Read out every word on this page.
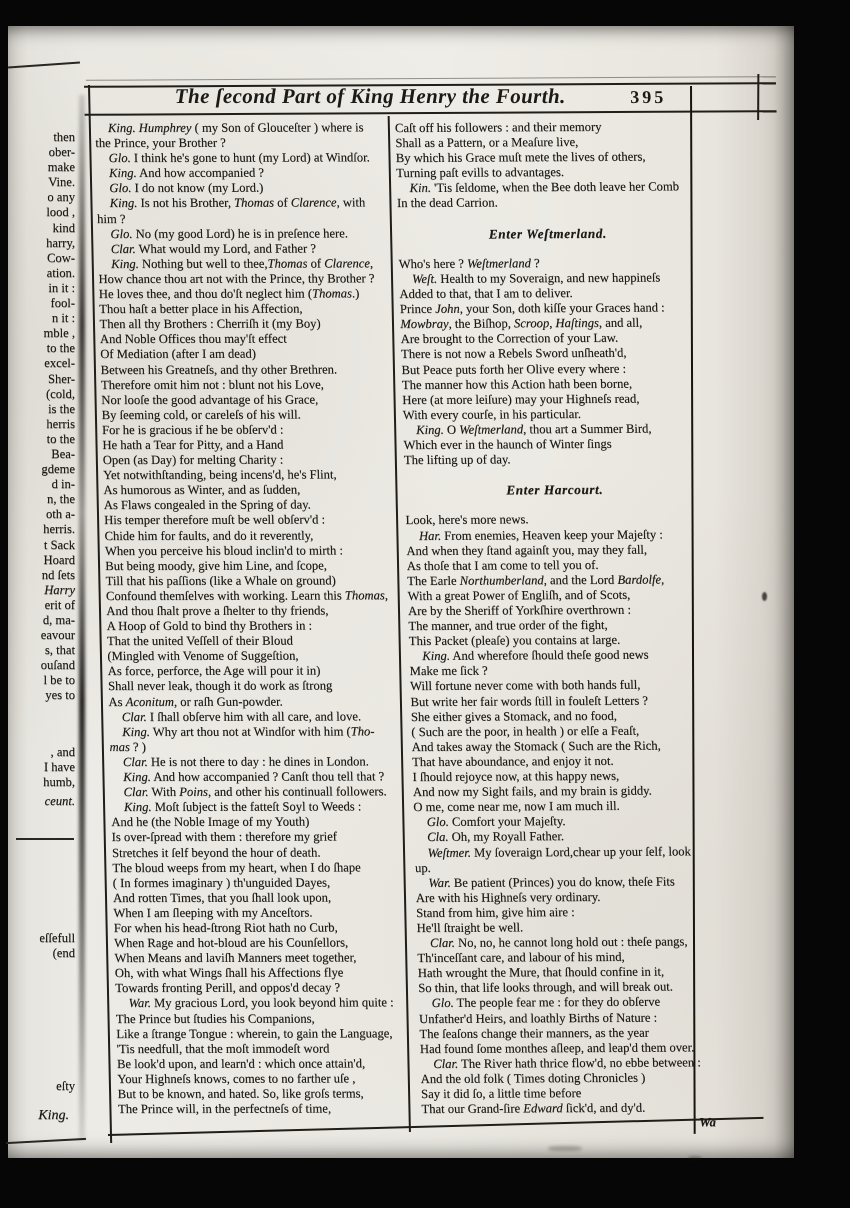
then
ober-
make
Vine.
o any
lood ,
kind
harry,
Cow-
ation.
in it :
fool-
n it :
mble ,
to the
excel-
Sher-
(cold,
is the
herris
to the
Bea-
gdeme
d in-
n, the
oth a-
herris.
t Sack
Hoard
nd ſets
Harry
erit of
d, ma-
eavour
s, that
ouſand
l be to
yes to
, and
I have
humb,
ceunt.
eſſefull
(end
eſty
King.
The ſecond Part of King Henry the Fourth.	395
King. Humphrey ( my Son of Glouceſter ) where is
the Prince, your Brother ?
Glo. I think he's gone to hunt (my Lord) at Windſor.
King. And how accompanied ?
Glo. I do not know (my Lord.)
King. Is not his Brother, Thomas of Clarence, with
him ?
Glo. No (my good Lord) he is in preſence here.
Clar. What would my Lord, and Father ?
King. Nothing but well to thee,Thomas of Clarence,
How chance thou art not with the Prince, thy Brother ?
He loves thee, and thou do'ſt neglect him (Thomas.)
Thou haſt a better place in his Affection,
Then all thy Brothers : Cherriſh it (my Boy)
And Noble Offices thou may'ſt effect
Of Mediation (after I am dead)
Between his Greatneſs, and thy other Brethren.
Therefore omit him not : blunt not his Love,
Nor looſe the good advantage of his Grace,
By ſeeming cold, or careleſs of his will.
For he is gracious if he be obſerv'd :
He hath a Tear for Pitty, and a Hand
Open (as Day) for melting Charity :
Yet notwithſtanding, being incens'd, he's Flint,
As humorous as Winter, and as ſudden,
As Flaws congealed in the Spring of day.
His temper therefore muſt be well obſerv'd :
Chide him for faults, and do it reverently,
When you perceive his bloud inclin'd to mirth :
But being moody, give him Line, and ſcope,
Till that his paſſions (like a Whale on ground)
Confound themſelves with working. Learn this Thomas,
And thou ſhalt prove a ſhelter to thy friends,
A Hoop of Gold to bind thy Brothers in :
That the united Veſſell of their Bloud
(Mingled with Venome of Suggeſtion,
As force, perforce, the Age will pour it in)
Shall never leak, though it do work as ſtrong
As Aconitum, or raſh Gun-powder.
Clar. I ſhall obſerve him with all care, and love.
King. Why art thou not at Windſor with him (Tho-
mas ? )
Clar. He is not there to day : he dines in London.
King. And how accompanied ? Canſt thou tell that ?
Clar. With Poins, and other his continuall followers.
King. Moſt ſubject is the fatteſt Soyl to Weeds :
And he (the Noble Image of my Youth)
Is over-ſpread with them : therefore my grief
Stretches it ſelf beyond the hour of death.
The bloud weeps from my heart, when I do ſhape
( In formes imaginary ) th'unguided Dayes,
And rotten Times, that you ſhall look upon,
When I am ſleeping with my Anceſtors.
For when his head-ſtrong Riot hath no Curb,
When Rage and hot-bloud are his Counſellors,
When Means and laviſh Manners meet together,
Oh, with what Wings ſhall his Affections flye
Towards fronting Perill, and oppos'd decay ?
War. My gracious Lord, you look beyond him quite :
The Prince but ſtudies his Companions,
Like a ſtrange Tongue : wherein, to gain the Language,
'Tis needfull, that the moſt immodeſt word
Be look'd upon, and learn'd : which once attain'd,
Your Highneſs knows, comes to no farther uſe ,
But to be known, and hated. So, like groſs terms,
The Prince will, in the perfectneſs of time,
Caſt off his followers : and their memory
Shall as a Pattern, or a Meaſure live,
By which his Grace muſt mete the lives of others,
Turning paſt evills to advantages.
Kin. 'Tis ſeldome, when the Bee doth leave her Comb
In the dead Carrion.

Enter Weſtmerland.

Who's here ? Weſtmerland ?
Weſt. Health to my Soveraign, and new happineſs
Added to that, that I am to deliver.
Prince John, your Son, doth kiſſe your Graces hand :
Mowbray, the Biſhop, Scroop, Haſtings, and all,
Are brought to the Correction of your Law.
There is not now a Rebels Sword unſheath'd,
But Peace puts forth her Olive every where :
The manner how this Action hath been borne,
Here (at more leiſure) may your Highneſs read,
With every courſe, in his particular.
King. O Weſtmerland, thou art a Summer Bird,
Which ever in the haunch of Winter ſings
The lifting up of day.

Enter Harcourt.

Look, here's more news.
Har. From enemies, Heaven keep your Majeſty :
And when they ſtand againſt you, may they fall,
As thoſe that I am come to tell you of.
The Earle Northumberland, and the Lord Bardolfe,
With a great Power of Engliſh, and of Scots,
Are by the Sheriff of Yorkſhire overthrown :
The manner, and true order of the fight,
This Packet (pleaſe) you contains at large.
King. And wherefore ſhould theſe good news
Make me ſick ?
Will fortune never come with both hands full,
But write her fair words ſtill in fouleſt Letters ?
She either gives a Stomack, and no food,
( Such are the poor, in health ) or elſe a Feaſt,
And takes away the Stomack ( Such are the Rich,
That have aboundance, and enjoy it not.
I ſhould rejoyce now, at this happy news,
And now my Sight fails, and my brain is giddy.
O me, come near me, now I am much ill.
Glo. Comfort your Majeſty.
Cla. Oh, my Royall Father.
Weſtmer. My ſoveraign Lord,chear up your ſelf, look
up.
War. Be patient (Princes) you do know, theſe Fits
Are with his Highneſs very ordinary.
Stand from him, give him aire :
He'll ſtraight be well.
Clar. No, no, he cannot long hold out : theſe pangs,
Th'inceſſant care, and labour of his mind,
Hath wrought the Mure, that ſhould confine in it,
So thin, that life looks through, and will break out.
Glo. The people fear me : for they do obſerve
Unfather'd Heirs, and loathly Births of Nature :
The ſeaſons change their manners, as the year
Had found ſome monthes aſleep, and leap'd them over.
Clar. The River hath thrice flow'd, no ebbe between :
And the old folk ( Times doting Chronicles )
Say it did ſo, a little time before
That our Grand-ſire Edward ſick'd, and dy'd.
Wa
